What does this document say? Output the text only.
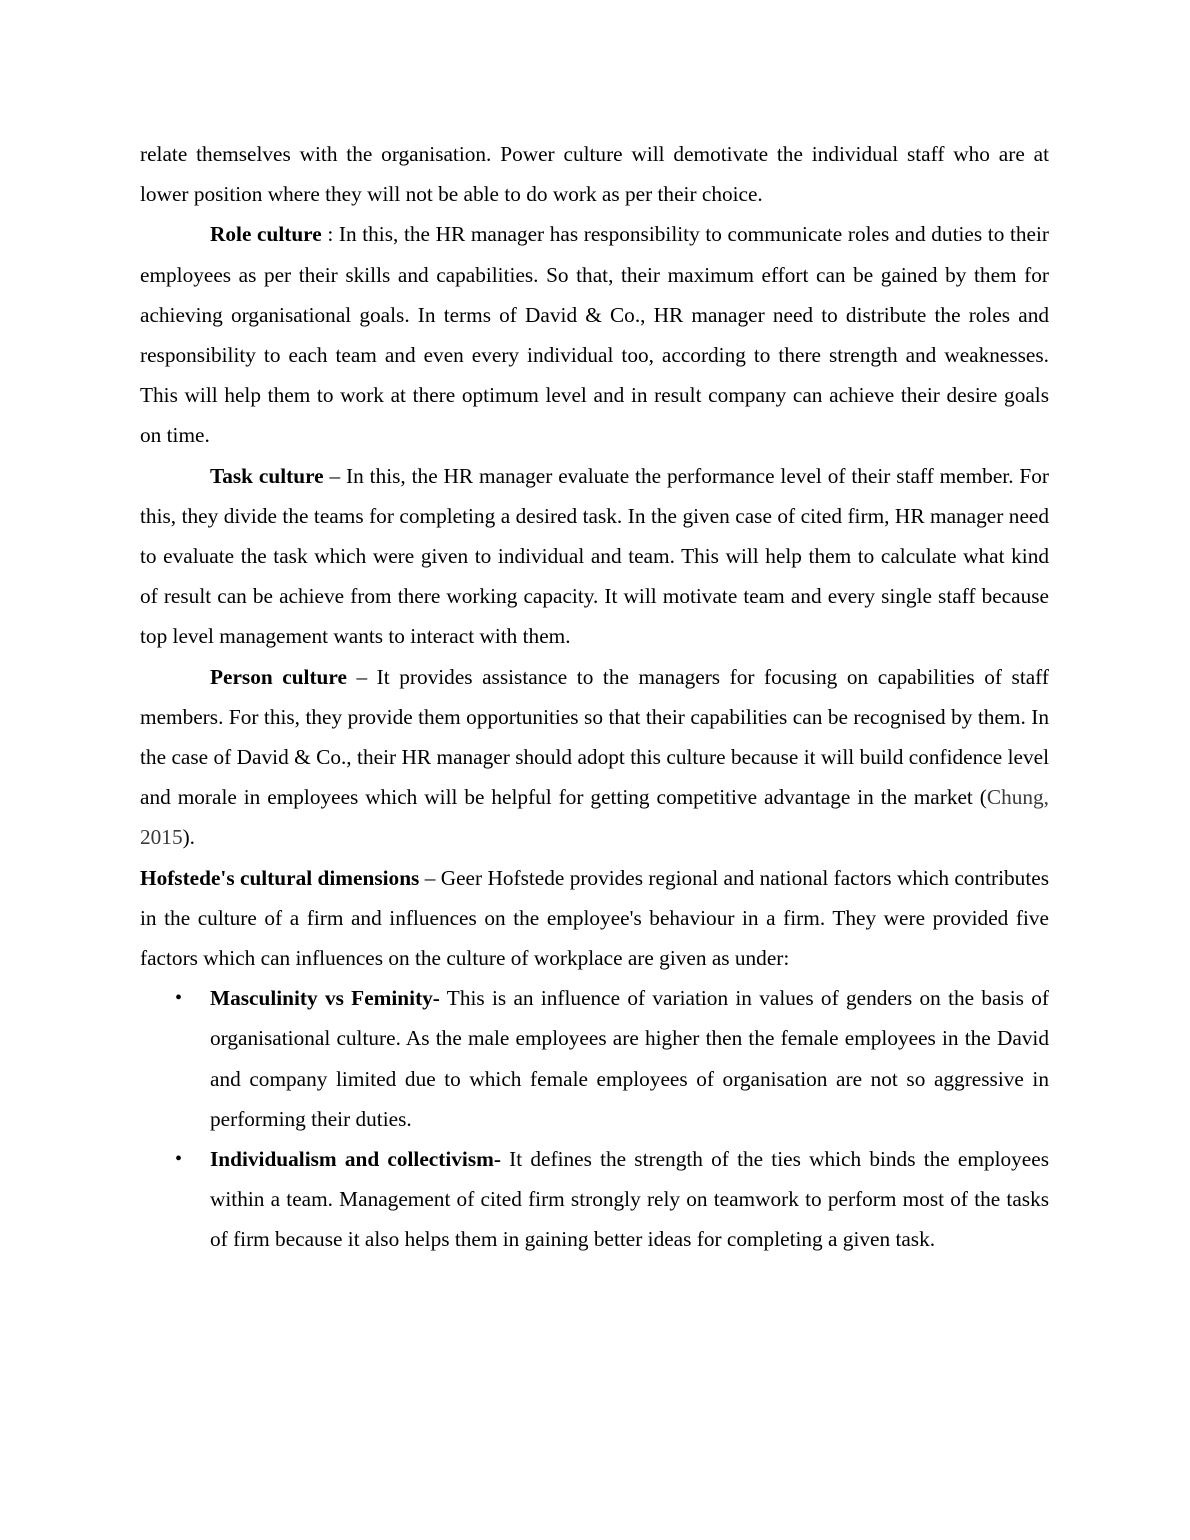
relate themselves with the organisation. Power culture will demotivate the individual staff who are at lower position where they will not be able to do work as per their choice.

Role culture : In this, the HR manager has responsibility to communicate roles and duties to their employees as per their skills and capabilities. So that, their maximum effort can be gained by them for achieving organisational goals. In terms of David & Co., HR manager need to distribute the roles and responsibility to each team and even every individual too, according to there strength and weaknesses. This will help them to work at there optimum level and in result company can achieve their desire goals on time.

Task culture – In this, the HR manager evaluate the performance level of their staff member. For this, they divide the teams for completing a desired task. In the given case of cited firm, HR manager need to evaluate the task which were given to individual and team. This will help them to calculate what kind of result can be achieve from there working capacity. It will motivate team and every single staff because top level management wants to interact with them.

Person culture – It provides assistance to the managers for focusing on capabilities of staff members. For this, they provide them opportunities so that their capabilities can be recognised by them. In the case of David & Co., their HR manager should adopt this culture because it will build confidence level and morale in employees which will be helpful for getting competitive advantage in the market (Chung, 2015).

Hofstede's cultural dimensions – Geer Hofstede provides regional and national factors which contributes in the culture of a firm and influences on the employee's behaviour in a firm. They were provided five factors which can influences on the culture of workplace are given as under:

•	Masculinity vs Feminity- This is an influence of variation in values of genders on the basis of organisational culture. As the male employees are higher then the female employees in the David and company limited due to which female employees of organisation are not so aggressive in performing their duties.
•	Individualism and collectivism- It defines the strength of the ties which binds the employees within a team. Management of cited firm strongly rely on teamwork to perform most of the tasks of firm because it also helps them in gaining better ideas for completing a given task.
